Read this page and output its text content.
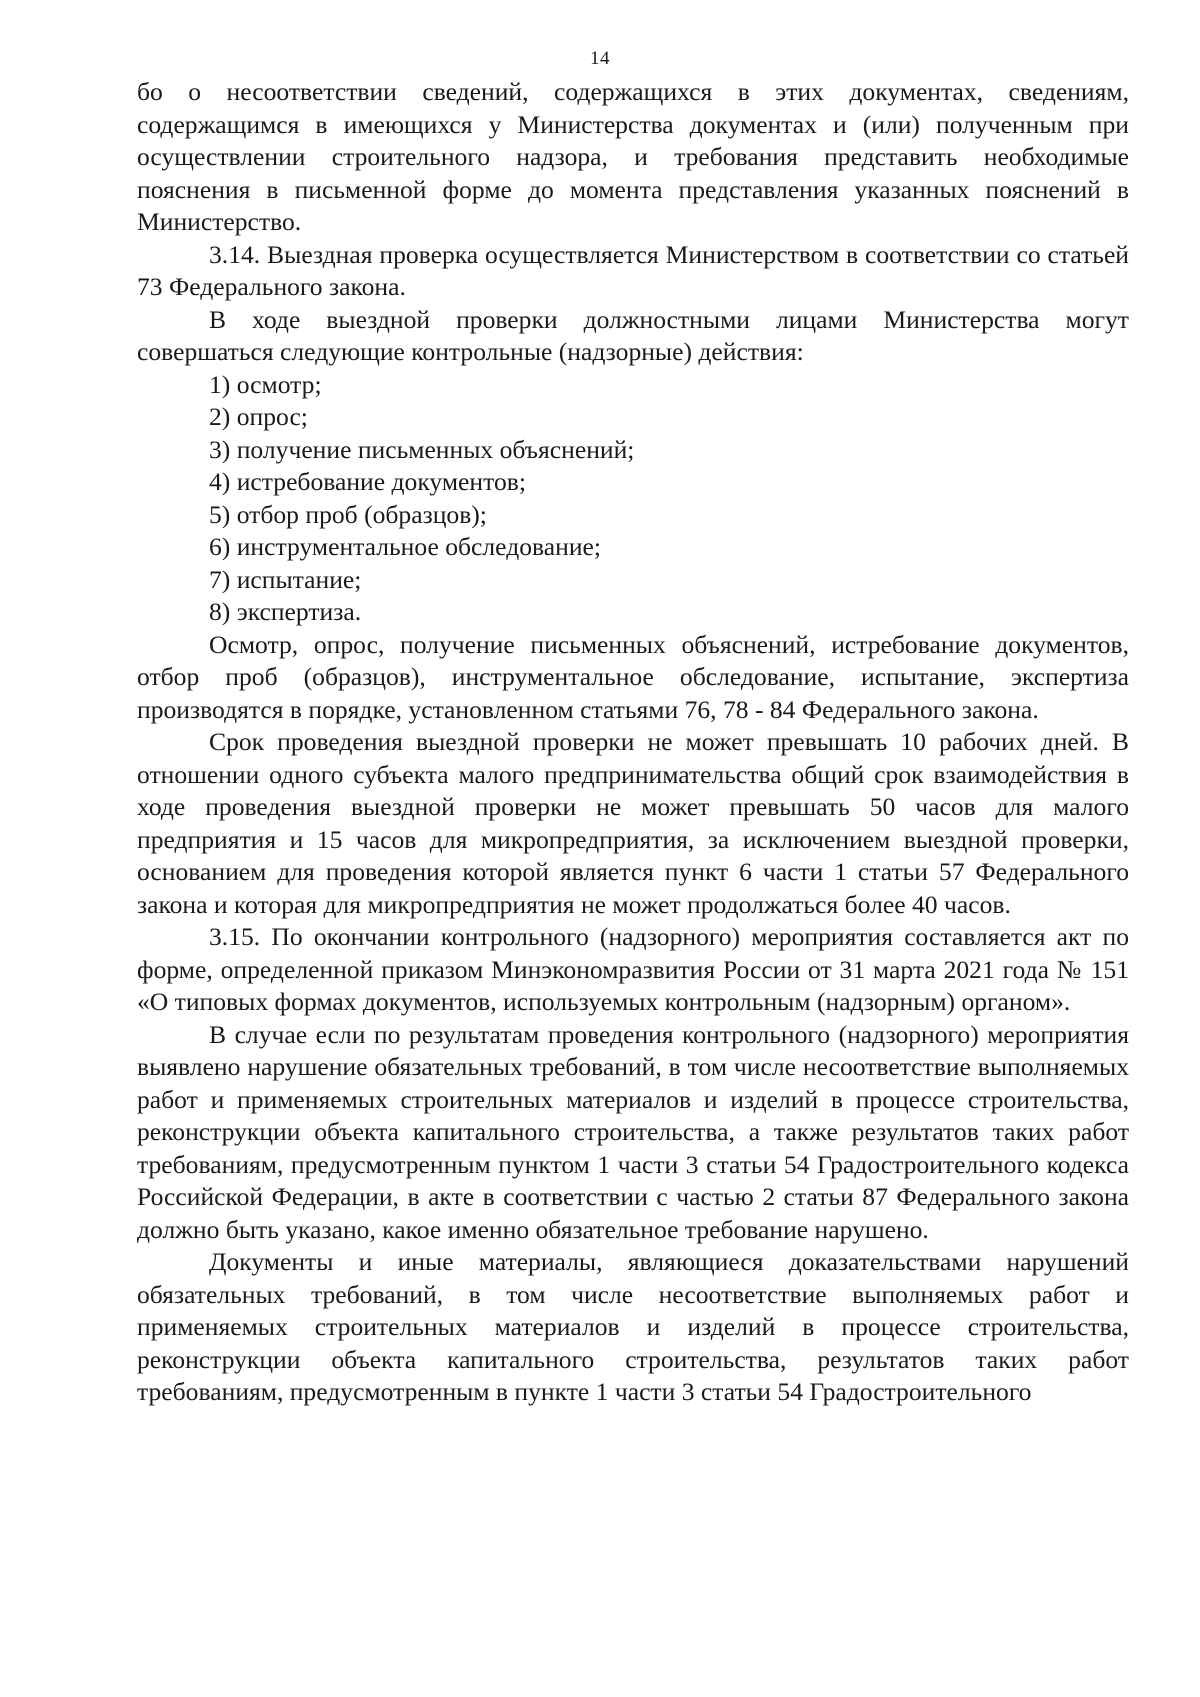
14

бо о несоответствии сведений, содержащихся в этих документах, сведениям, содержащимся в имеющихся у Министерства документах и (или) полученным при осуществлении строительного надзора, и требования представить необходимые пояснения в письменной форме до момента представления указанных пояснений в Министерство.

3.14. Выездная проверка осуществляется Министерством в соответствии со статьей 73 Федерального закона.

В ходе выездной проверки должностными лицами Министерства могут совершаться следующие контрольные (надзорные) действия:

1) осмотр;

2) опрос;

3) получение письменных объяснений;

4) истребование документов;

5) отбор проб (образцов);

6) инструментальное обследование;

7) испытание;

8) экспертиза.

Осмотр, опрос, получение письменных объяснений, истребование документов, отбор проб (образцов), инструментальное обследование, испытание, экспертиза производятся в порядке, установленном статьями 76, 78 - 84 Федерального закона.

Срок проведения выездной проверки не может превышать 10 рабочих дней. В отношении одного субъекта малого предпринимательства общий срок взаимодействия в ходе проведения выездной проверки не может превышать 50 часов для малого предприятия и 15 часов для микропредприятия, за исключением выездной проверки, основанием для проведения которой является пункт 6 части 1 статьи 57 Федерального закона и которая для микропредприятия не может продолжаться более 40 часов.

3.15. По окончании контрольного (надзорного) мероприятия составляется акт по форме, определенной приказом Минэкономразвития России от 31 марта 2021 года № 151 «О типовых формах документов, используемых контрольным (надзорным) органом».

В случае если по результатам проведения контрольного (надзорного) мероприятия выявлено нарушение обязательных требований, в том числе несоответствие выполняемых работ и применяемых строительных материалов и изделий в процессе строительства, реконструкции объекта капитального строительства, а также результатов таких работ требованиям, предусмотренным пунктом 1 части 3 статьи 54 Градостроительного кодекса Российской Федерации, в акте в соответствии с частью 2 статьи 87 Федерального закона должно быть указано, какое именно обязательное требование нарушено.

Документы и иные материалы, являющиеся доказательствами нарушений обязательных требований, в том числе несоответствие выполняемых работ и применяемых строительных материалов и изделий в процессе строительства, реконструкции объекта капитального строительства, результатов таких работ требованиям, предусмотренным в пункте 1 части 3 статьи 54 Градостроительного
